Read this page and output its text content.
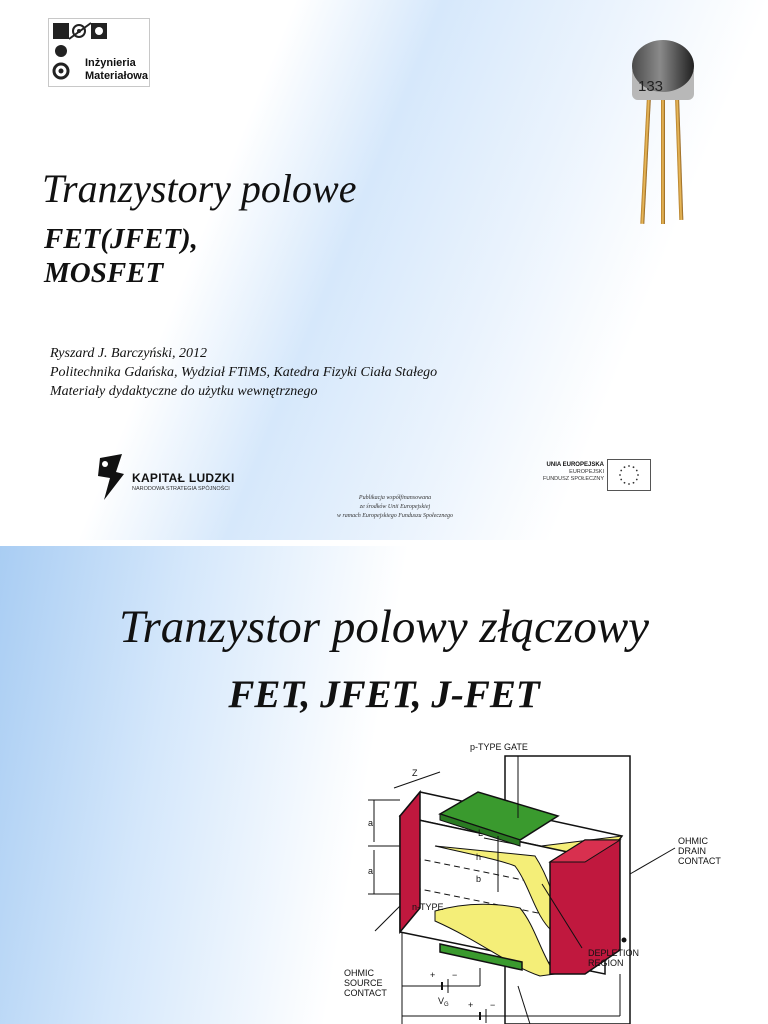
Inżynieria
Materiałowa
133
Tranzystory polowe
FET(JFET),
MOSFET
Ryszard J. Barczyński, 2012
Politechnika Gdańska, Wydział FTiMS, Katedra Fizyki Ciała Stałego
Materiały dydaktyczne do użytku wewnętrznego
KAPITAŁ LUDZKI
NARODOWA STRATEGIA SPÓJNOŚCI
Publikacja współfinansowana
ze środków Unii Europejskiej
w ramach Europejskiego Funduszu Społecznego
UNIA EUROPEJSKA
EUROPEJSKI
FUNDUSZ SPOŁECZNY
Tranzystor polowy złączowy
FET, JFET, J-FET
p-TYPE GATE
Z
L
a
a
h
b
n-TYPE
OHMIC
DRAIN
CONTACT
OHMIC
SOURCE
CONTACT
DEPLETION
REGION
+ −
$V_G$ + −
